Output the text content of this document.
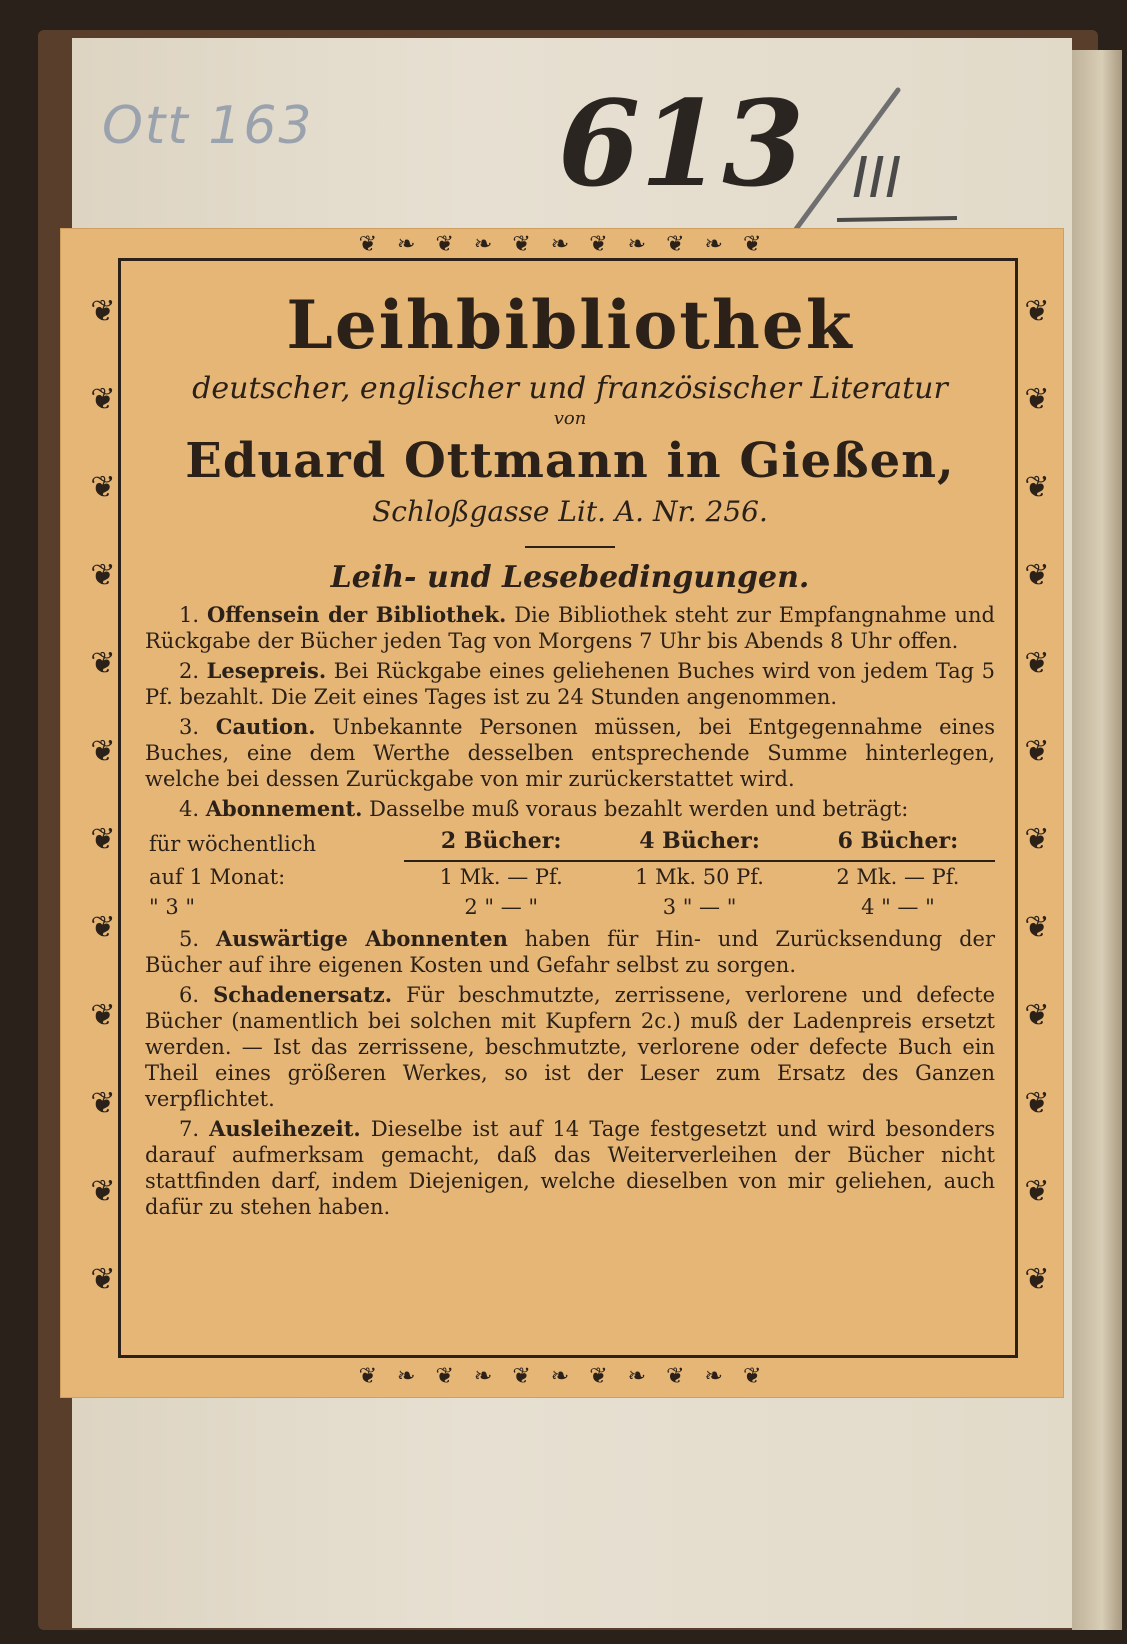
Ott 163 613 III
❦❧❦❧❦❧❦❧❦❧❦
❦❧❦❧❦❧❦❧❦❧❦
❦
❦
❦
❦
❦
❦
❦
❦
❦
❦
❦
❦
❦
❦
❦
❦
❦
❦
❦
❦
❦
❦
❦
❦
Leihbibliothek
deutscher, englischer und französischer Literatur
von
Eduard Ottmann in Gießen,
Schloßgasse Lit. A. Nr. 256.
Leih- und Lesebedingungen.

1. Offensein der Bibliothek. Die Bibliothek steht zur Empfangnahme und Rückgabe der Bücher jeden Tag von Morgens 7 Uhr bis Abends 8 Uhr offen.

2. Lesepreis. Bei Rückgabe eines geliehenen Buches wird von jedem Tag 5 Pf. bezahlt. Die Zeit eines Tages ist zu 24 Stunden angenommen.

3. Caution. Unbekannte Personen müssen, bei Entgegennahme eines Buches, eine dem Werthe desselben entsprechende Summe hinterlegen, welche bei dessen Zurückgabe von mir zurückerstattet wird.

4. Abonnement. Dasselbe muß voraus bezahlt werden und beträgt:

für wöchentlich	2 Bücher:	4 Bücher:	6 Bücher:
auf 1 Monat:	1 Mk. — Pf.	1 Mk. 50 Pf.	2 Mk. — Pf.
" 3 "	2 " — "	3 " — "	4 " — "

5. Auswärtige Abonnenten haben für Hin- und Zurücksendung der Bücher auf ihre eigenen Kosten und Gefahr selbst zu sorgen.

6. Schadenersatz. Für beschmutzte, zerrissene, verlorene und defecte Bücher (namentlich bei solchen mit Kupfern 2c.) muß der Ladenpreis ersetzt werden. — Ist das zerrissene, beschmutzte, verlorene oder defecte Buch ein Theil eines größeren Werkes, so ist der Leser zum Ersatz des Ganzen verpflichtet.

7. Ausleihezeit. Dieselbe ist auf 14 Tage festgesetzt und wird besonders darauf aufmerksam gemacht, daß das Weiterverleihen der Bücher nicht stattfinden darf, indem Diejenigen, welche dieselben von mir geliehen, auch dafür zu stehen haben.
